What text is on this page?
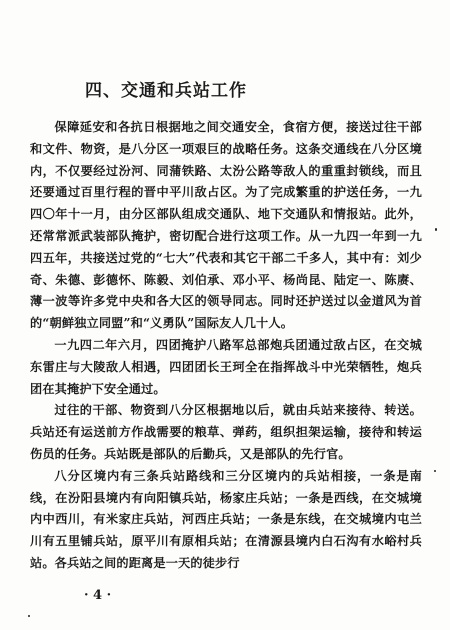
四、交通和兵站工作

保障延安和各抗日根据地之间交通安全，食宿方便，接送过往干部和文件、物资，是八分区一项艰巨的战略任务。这条交通线在八分区境内，不仅要经过汾河、同蒲铁路、太汾公路等敌人的重重封锁线，而且还要通过百里行程的晋中平川敌占区。为了完成繁重的护送任务，一九四〇年十一月，由分区部队组成交通队、地下交通队和情报站。此外，还常常派武装部队掩护，密切配合进行这项工作。从一九四一年到一九四五年，共接送过党的“七大”代表和其它干部二千多人，其中有：刘少奇、朱德、彭德怀、陈毅、刘伯承、邓小平、杨尚昆、陆定一、陈赓、薄一波等许多党中央和各大区的领导同志。同时还护送过以金道风为首的“朝鲜独立同盟”和“义勇队”国际友人几十人。

一九四二年六月，四团掩护八路军总部炮兵团通过敌占区，在交城东雷庄与大陵敌人相遇，四团团长王珂全在指挥战斗中光荣牺牲，炮兵团在其掩护下安全通过。

过往的干部、物资到八分区根据地以后，就由兵站来接待、转送。兵站还有运送前方作战需要的粮草、弹药，组织担架运输，接待和转运伤员的任务。兵站既是部队的后勤兵，又是部队的先行官。

八分区境内有三条兵站路线和三分区境内的兵站相接，一条是南线，在汾阳县境内有向阳镇兵站，杨家庄兵站；一条是西线，在交城境内中西川，有米家庄兵站，河西庄兵站；一条是东线，在交城境内屯兰川有五里铺兵站，原平川有原相兵站；在清源县境内白石沟有水峪村兵站。各兵站之间的距离是一天的徒步行

· 4 ·
